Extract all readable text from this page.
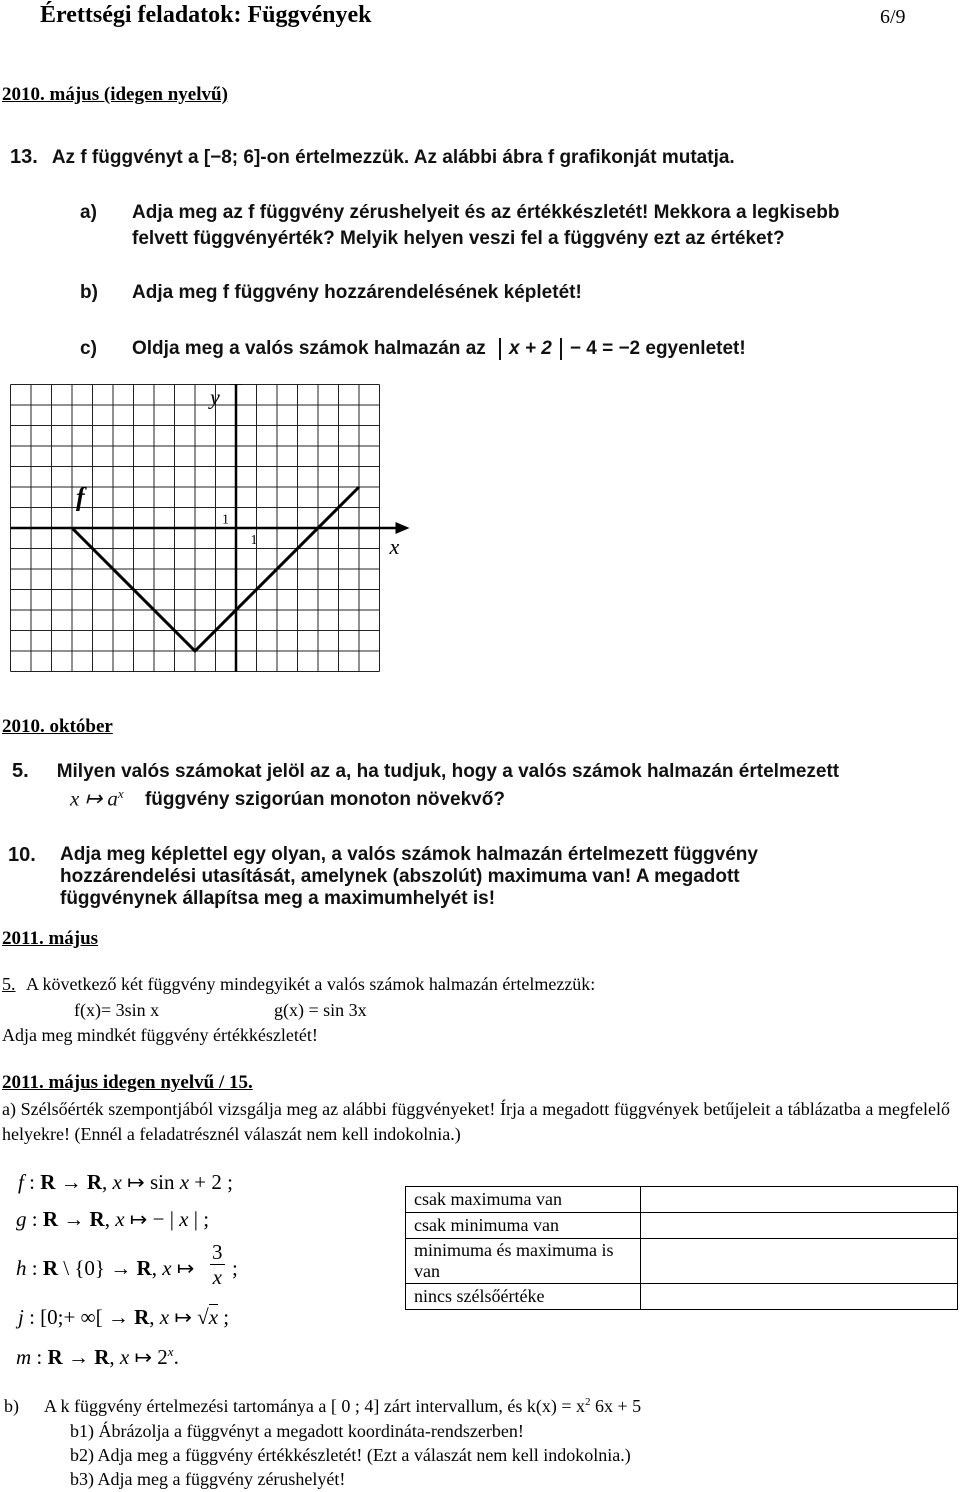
Érettségi feladatok: Függvények	6/9
2010. május (idegen nyelvű)
13. Az f függvényt a [−8; 6]-on értelmezzük. Az alábbi ábra f grafikonját mutatja.
a) Adja meg az f függvény zérushelyeit és az értékkészletét! Mekkora a legkisebb
felvett függvényérték? Melyik helyen veszi fel a függvény ezt az értéket?
b) Adja meg f függvény hozzárendelésének képletét!
c) Oldja meg a valós számok halmazán az x + 2 − 4 = −2 egyenletet!
y
x
f
1
1
2010. október
5. Milyen valós számokat jelöl az a, ha tudjuk, hogy a valós számok halmazán értelmezett
x ↦ $a^x$ függvény szigorúan monoton növekvő?
10.	Adja meg képlettel egy olyan, a valós számok halmazán értelmezett függvény
hozzárendelési utasítását, amelynek (abszolút) maximuma van! A megadott
függvénynek állapítsa meg a maximumhelyét is!
2011. május
5. A következő két függvény mindegyikét a valós számok halmazán értelmezzük:
f(x)= 3sin x	g(x) = sin 3x
Adja meg mindkét függvény értékkészletét!
2011. május idegen nyelvű / 15.
a) Szélsőérték szempontjából vizsgálja meg az alábbi függvényeket! Írja a megadott függvények betűjeleit a táblázatba a megfelelő helyekre! (Ennél a feladatrésznél válaszát nem kell indokolnia.)
f : R → R, x ↦ sin x + 2 ;
g : R → R, x ↦ − | x | ;
h : R \ {0} → R, x ↦
3
x ;
j : [0;+ ∞[ → R, x ↦ √x ;
m : R → R, x ↦ 2$^x$.
csak maximuma van	
csak minimuma van	
minimuma és maximuma is van	
nincs szélsőértéke	
b) A k függvény értelmezési tartománya a [ 0 ; 4] zárt intervallum, és $k(x) = x^2$ 6x + 5
b1) Ábrázolja a függvényt a megadott koordináta-rendszerben!
b2) Adja meg a függvény értékkészletét! (Ezt a válaszát nem kell indokolnia.)
b3) Adja meg a függvény zérushelyét!
